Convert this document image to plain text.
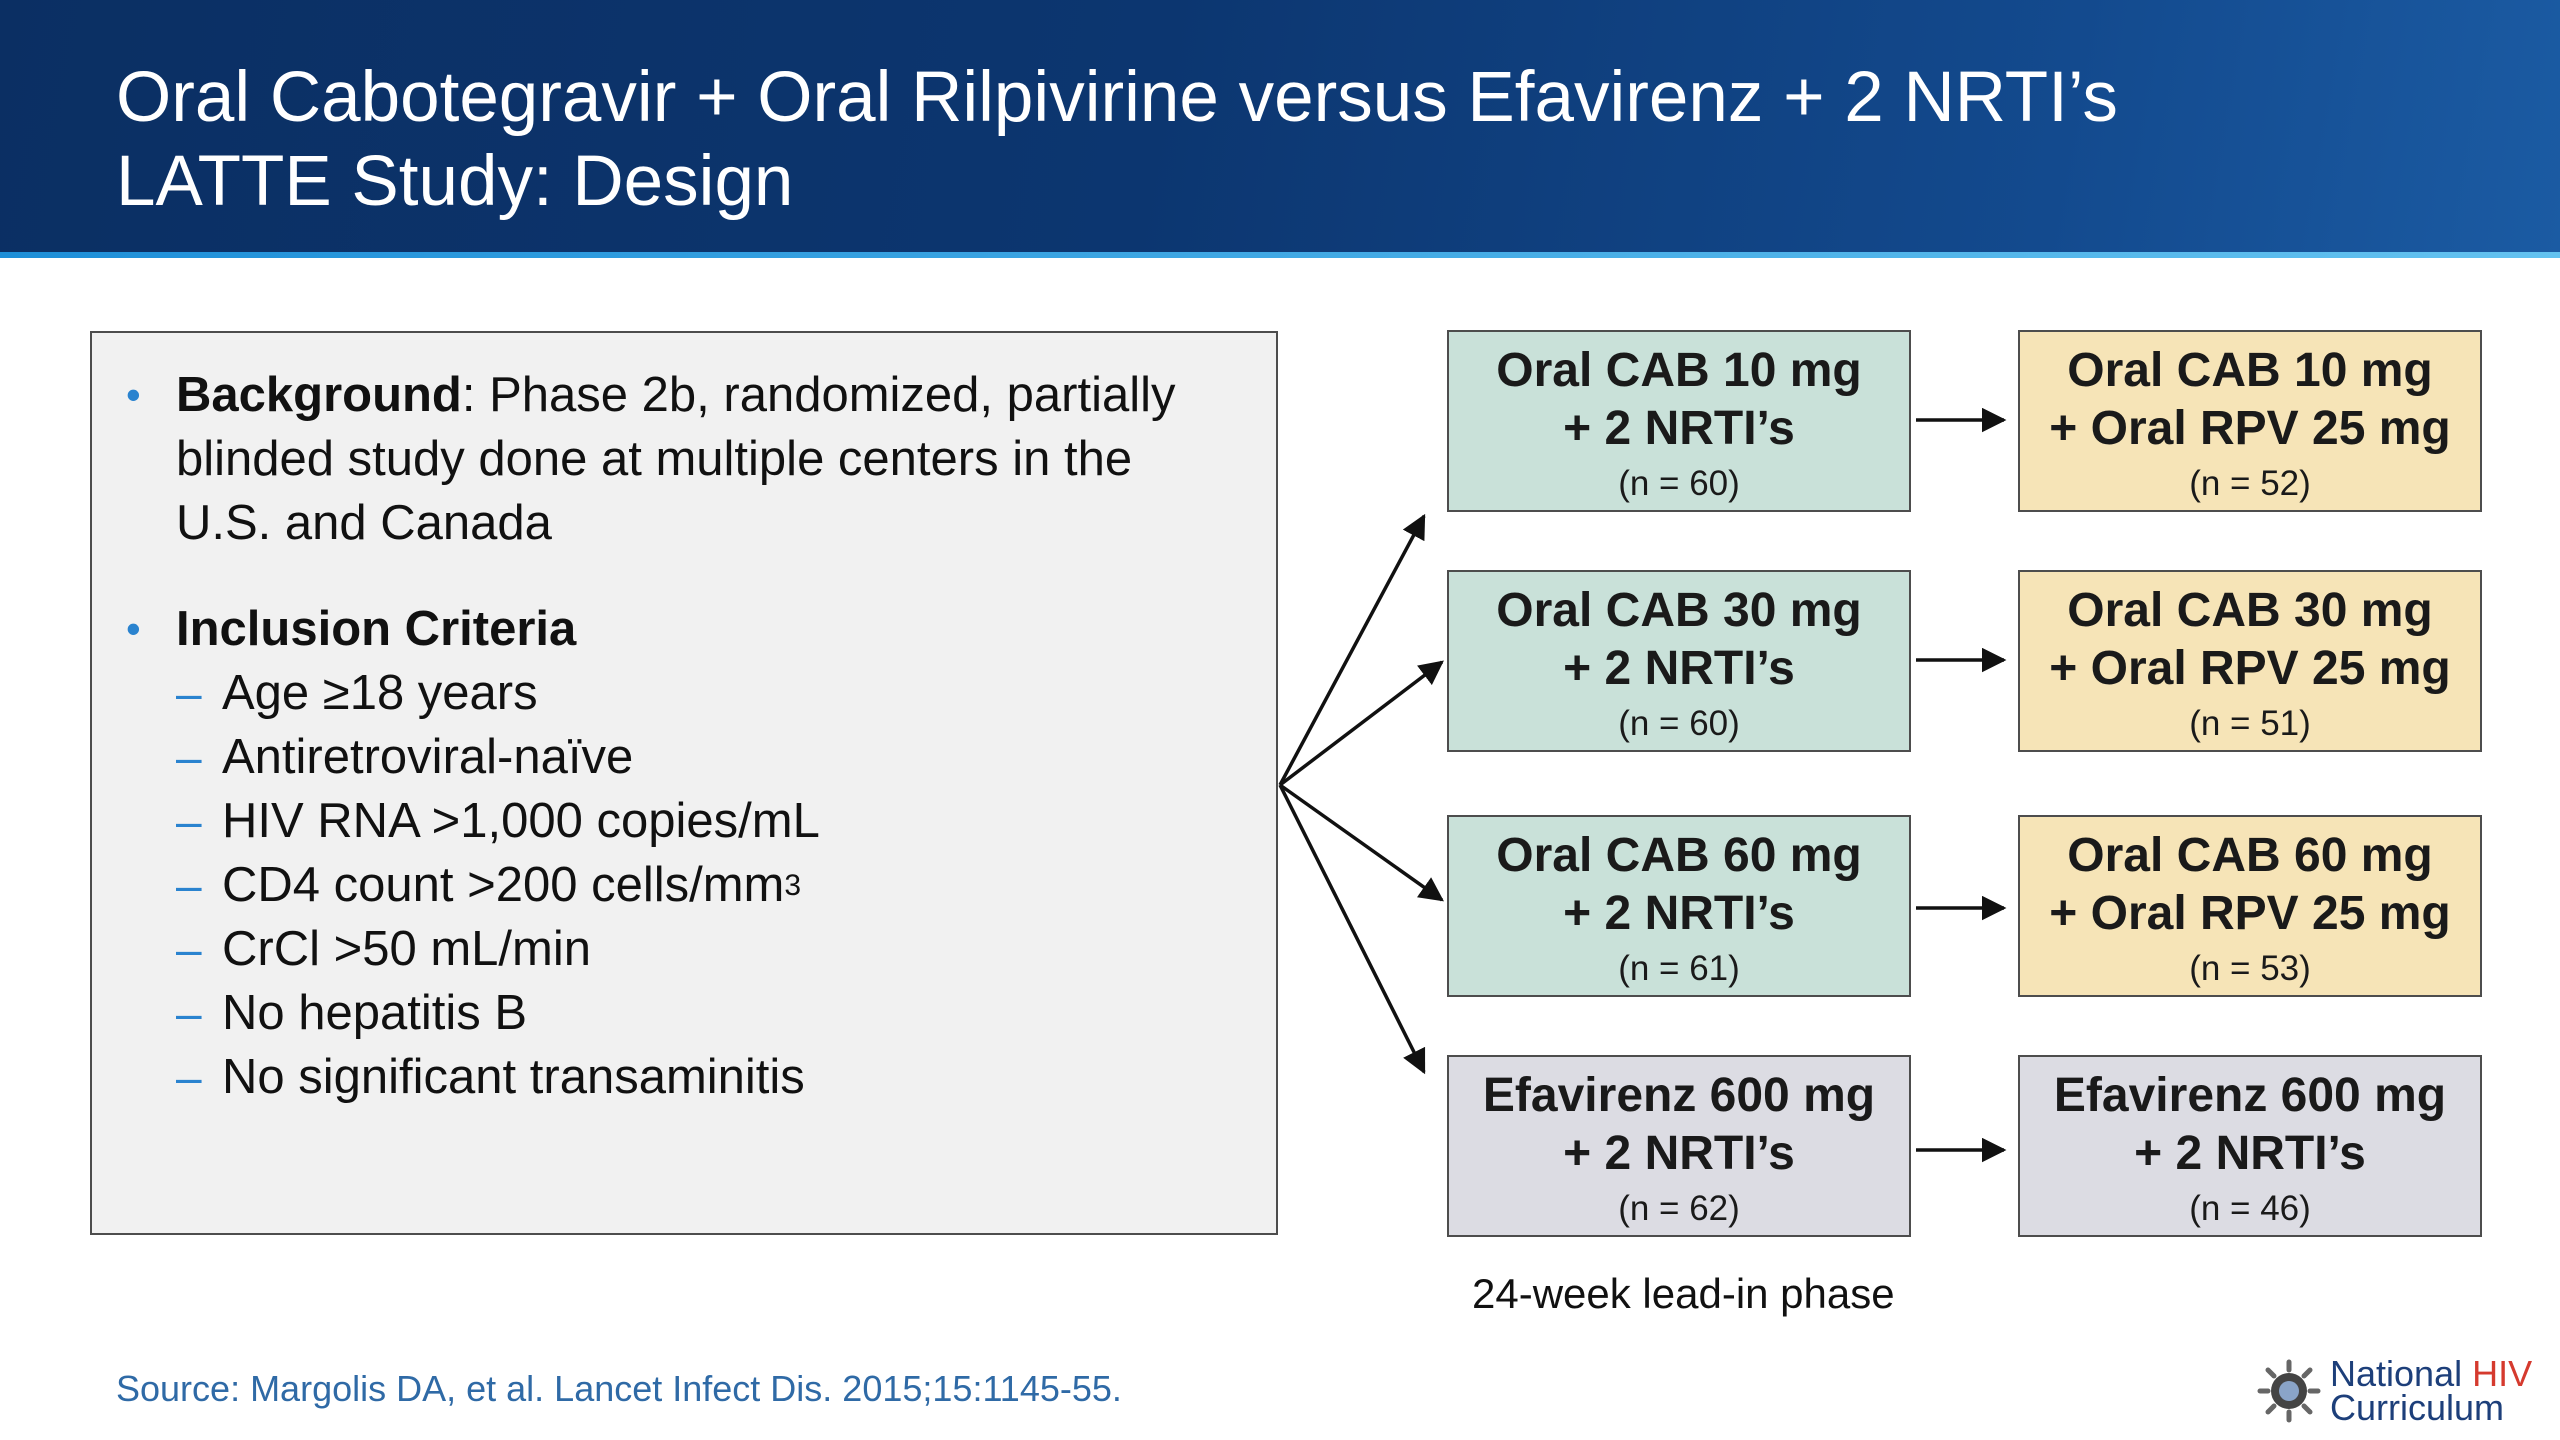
Oral Cabotegravir + Oral Rilpivirine versus Efavirenz + 2 NRTI’s
LATTE Study: Design
• Background: Phase 2b, randomized, partially
blinded study done at multiple centers in the
U.S. and Canada
• Inclusion Criteria
– Age ≥18 years
– Antiretroviral-naïve
– HIV RNA >1,000 copies/mL
– CD4 count >200 cells/$mm^3$
– CrCl >50 mL/min
– No hepatitis B
– No significant transaminitis
Oral CAB 10 mg
+ 2 NRTI’s
(n = 60)
Oral CAB 30 mg
+ 2 NRTI’s
(n = 60)
Oral CAB 60 mg
+ 2 NRTI’s
(n = 61)
Efavirenz 600 mg
+ 2 NRTI’s
(n = 62)
Oral CAB 10 mg
+ Oral RPV 25 mg
(n = 52)
Oral CAB 30 mg
+ Oral RPV 25 mg
(n = 51)
Oral CAB 60 mg
+ Oral RPV 25 mg
(n = 53)
Efavirenz 600 mg
+ 2 NRTI’s
(n = 46)
24-week lead-in phase
Source: Margolis DA, et al. Lancet Infect Dis. 2015;15:1145-55.	National HIV
Curriculum
